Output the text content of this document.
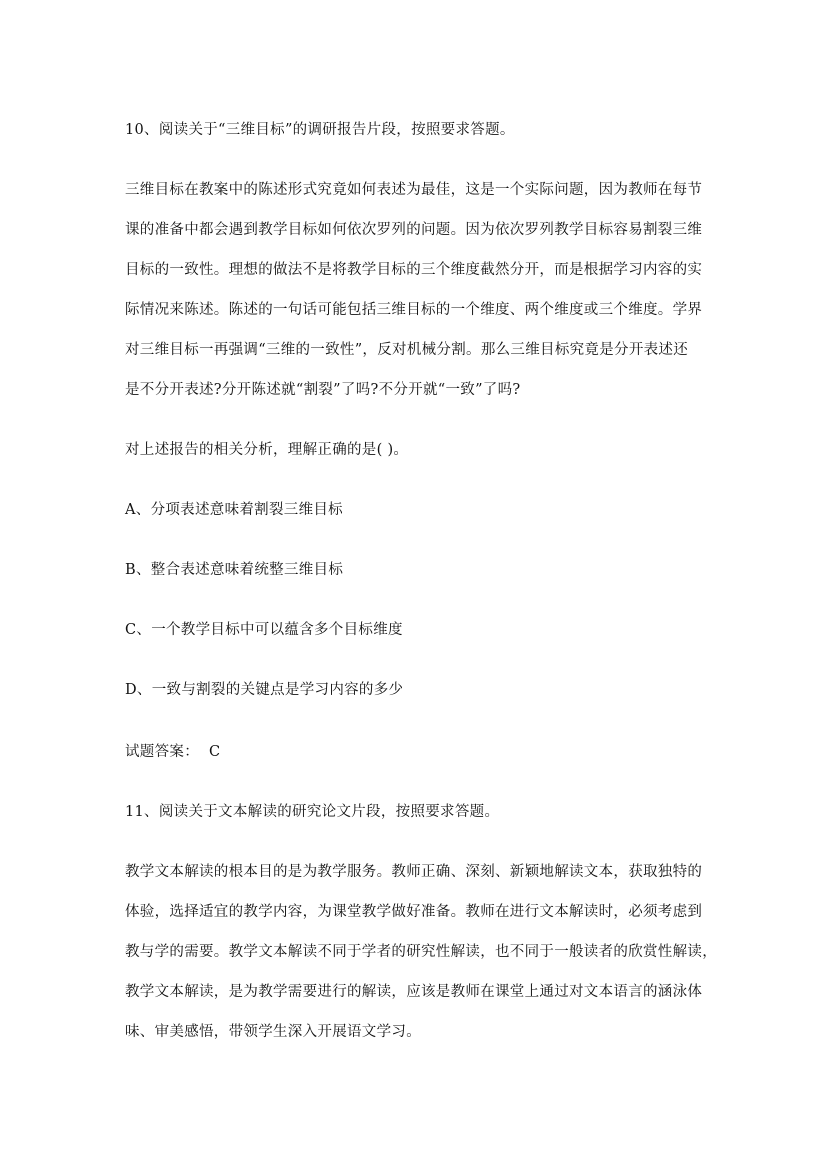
10、阅读关于“三维目标”的调研报告片段，按照要求答题。
三维目标在教案中的陈述形式究竟如何表述为最佳，这是一个实际问题，因为教师在每节
课的准备中都会遇到教学目标如何依次罗列的问题。因为依次罗列教学目标容易割裂三维
目标的一致性。理想的做法不是将教学目标的三个维度截然分开，而是根据学习内容的实
际情况来陈述。陈述的一句话可能包括三维目标的一个维度、两个维度或三个维度。学界
对三维目标一再强调“三维的一致性”，反对机械分割。那么三维目标究竟是分开表述还
是不分开表述?分开陈述就“割裂”了吗?不分开就“一致”了吗?
对上述报告的相关分析，理解正确的是( )。
A、分项表述意味着割裂三维目标
B、整合表述意味着统整三维目标
C、一个教学目标中可以蕴含多个目标维度
D、一致与割裂的关键点是学习内容的多少
试题答案： C
11、阅读关于文本解读的研究论文片段，按照要求答题。
教学文本解读的根本目的是为教学服务。教师正确、深刻、新颖地解读文本，获取独特的
体验，选择适宜的教学内容，为课堂教学做好准备。教师在进行文本解读时，必须考虑到
教与学的需要。教学文本解读不同于学者的研究性解读，也不同于一般读者的欣赏性解读，
教学文本解读，是为教学需要进行的解读，应该是教师在课堂上通过对文本语言的涵泳体
味、审美感悟，带领学生深入开展语文学习。
